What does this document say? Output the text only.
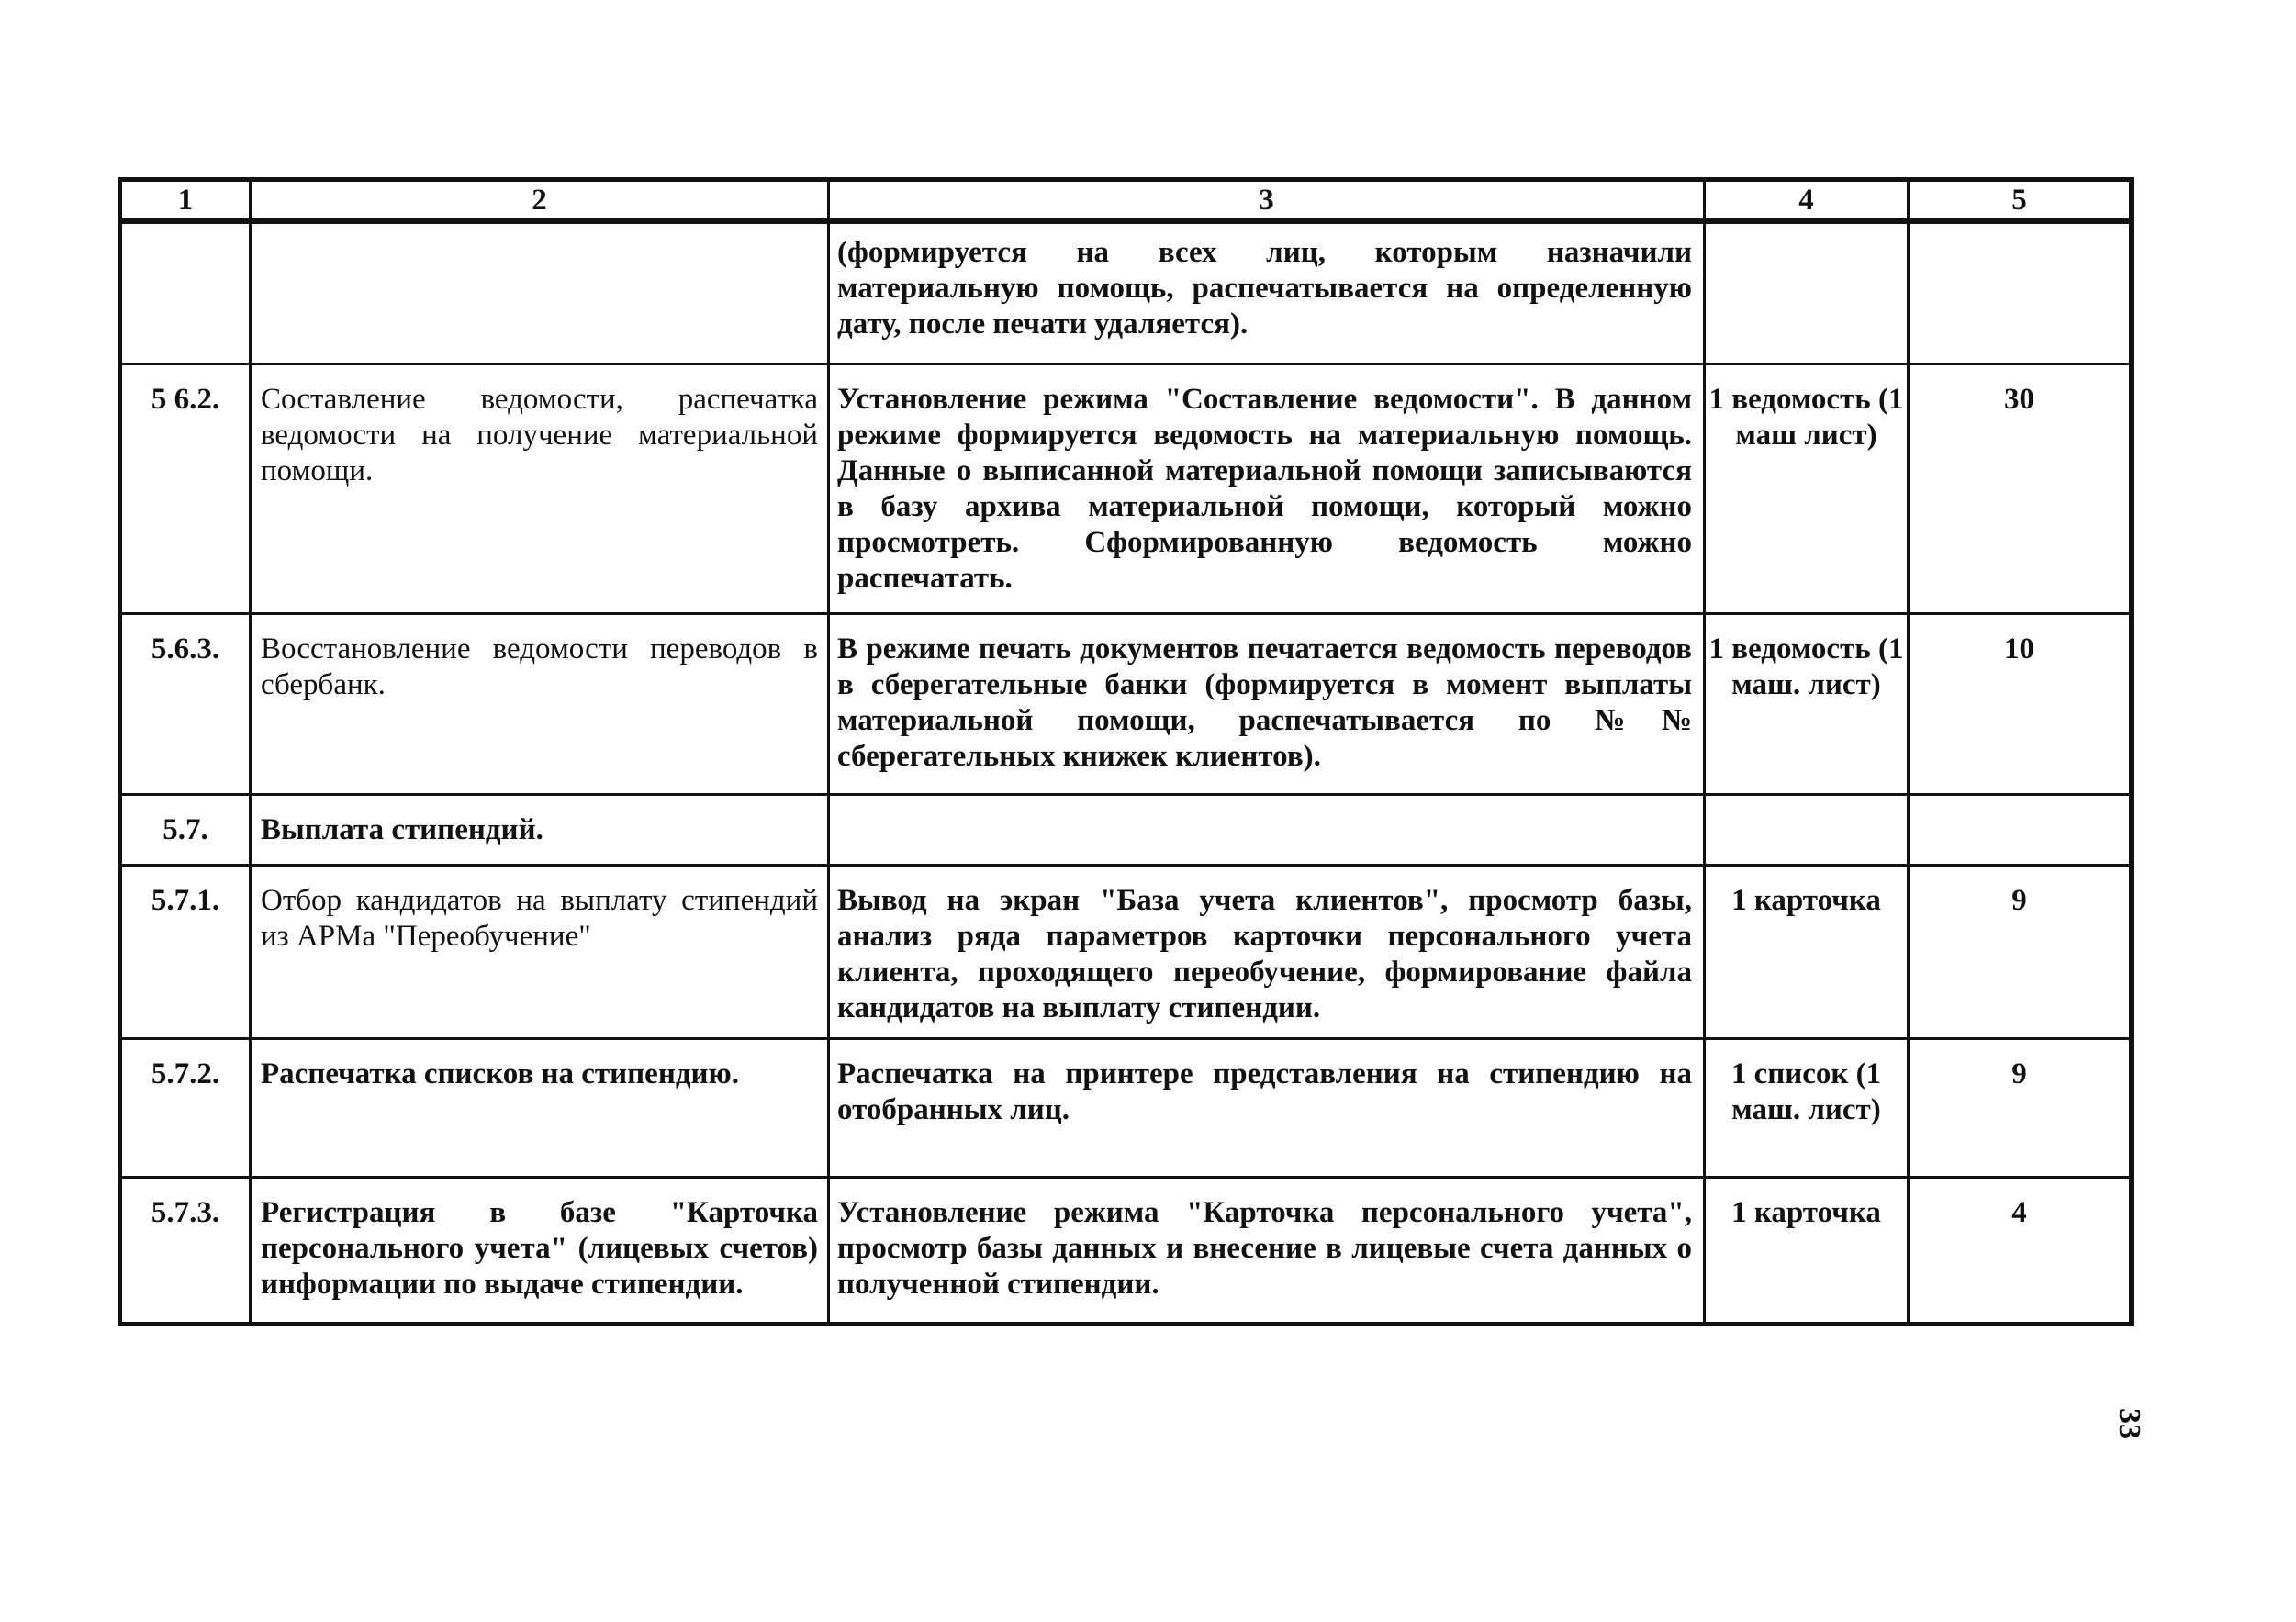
1	2	3	4	5
		(формируется на всех лиц, которым назначили материальную помощь, распечатывается на определенную дату, после печати удаляется).		
5 6.2.	Составление ведомости, распечатка ведомости на получение материальной помощи.	Установление режима "Составление ведомости". В данном режиме формируется ведомость на материальную помощь. Данные о выписанной материальной помощи записываются в базу архива материальной помощи, который можно просмотреть. Сформированную ведомость можно распечатать.	1 ведомость (1 маш лист)	30
5.6.3.	Восстановление ведомости переводов в сбербанк.	В режиме печать документов печатается ведомость переводов в сберегательные банки (формируется в момент выплаты материальной помощи, распечатывается по №№ сберегательных книжек клиентов).	1 ведомость (1 маш. лист)	10
5.7.	Выплата стипендий.			
5.7.1.	Отбор кандидатов на выплату стипендий из АРМа "Переобучение"	Вывод на экран "База учета клиентов", просмотр базы, анализ ряда параметров карточки персонального учета клиента, проходящего переобучение, формирование файла кандидатов на выплату стипендии.	1 карточка	9
5.7.2.	Распечатка списков на стипендию.	Распечатка на принтере представления на стипендию на отобранных лиц.	1 список (1 маш. лист)	9
5.7.3.	Регистрация в базе "Карточка персонального учета" (лицевых счетов) информации по выдаче стипендии.	Установление режима "Карточка персонального учета", просмотр базы данных и внесение в лицевые счета данных о полученной стипендии.	1 карточка	4
33
